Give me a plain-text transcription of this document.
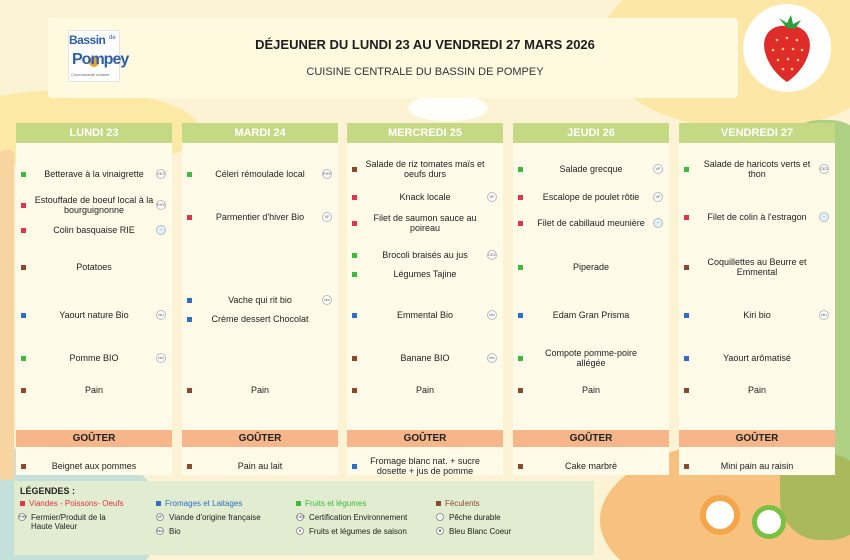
Bassin de
Pompey
Communauté urbaine
DÉJEUNER DU LUNDI 23 AU VENDREDI 27 MARS 2026
CUISINE CENTRALE DU BASSIN DE POMPEY
LUNDI 23
Betterave à la vinaigrette	CE2
Estouffade de boeuf local à la bourguignonne
FHV
Colin basquaise RIE	~
Potatoes
Yaourt nature Bio	bio
Pomme BIO	bio
Pain
GOÛTER
Beignet aux pommes
MARDI 24
Céleri rémoulade local	FHV
Parmentier d'hiver Bio	VF
Vache qui rit bio	bio
Crème dessert Chocolat
Pain
GOÛTER
Pain au lait
MERCREDI 25
Salade de riz tomates maïs et oeufs durs
Knack locale	VF
Filet de saumon sauce au poireau
Brocoli braisés au jus	CE2
Légumes Tajine
Emmental Bio	bio
Banane BIO	bio
Pain
GOÛTER
Fromage blanc nat. + sucre dosette + jus de pomme
JEUDI 26
Salade grecque	VF
Escalope de poulet rôtie	VF
Filet de cabillaud meunière	~
Piperade
Edam Gran Prisma
Compote pomme-poire allégée
Pain
GOÛTER
Cake marbré
VENDREDI 27
Salade de haricots verts et thon
CE2
Filet de colin à l'estragon	~
Coquillettes au Beurre et Emmental
Kiri bio	bio
Yaourt arômatisé
Pain
GOÛTER
Mini pain au raisin
LÉGENDES :
Viandes - Poissons- Oeufs	Fromages et Laitages	Fruits et légumes	Féculents
FHV Fermier/Produit de la Haute Valeur
VF Viande d'origine française	CE2 Certification Environnement	~ Pêche durable
bio Bio	✕ Fruits et légumes de saison	♥ Bleu Blanc Coeur
